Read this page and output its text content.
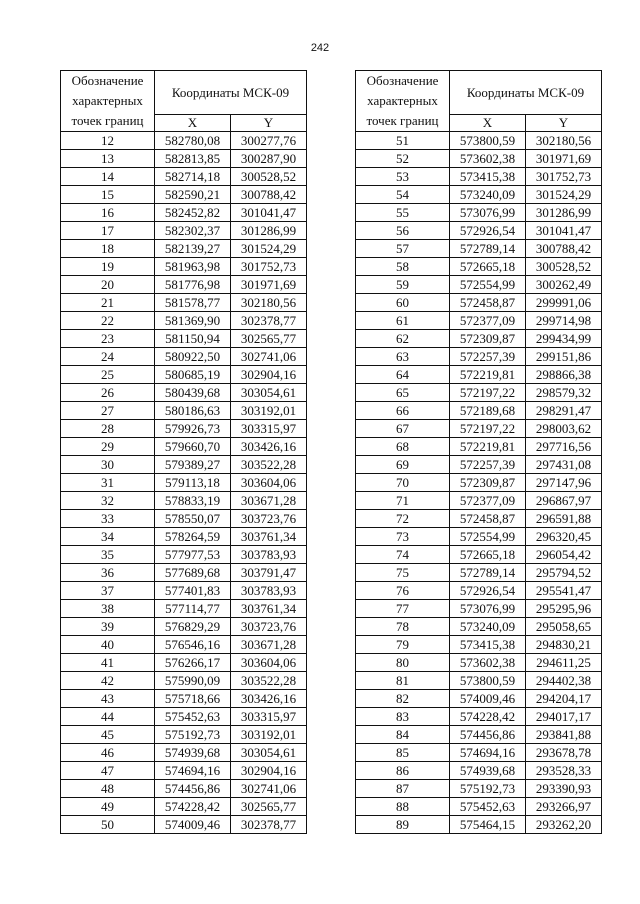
242
Обозначение характерных точек границ	Координаты МСК-09	
	X	Y
12	582780,08	300277,76
13	582813,85	300287,90
14	582714,18	300528,52
15	582590,21	300788,42
16	582452,82	301041,47
17	582302,37	301286,99
18	582139,27	301524,29
19	581963,98	301752,73
20	581776,98	301971,69
21	581578,77	302180,56
22	581369,90	302378,77
23	581150,94	302565,77
24	580922,50	302741,06
25	580685,19	302904,16
26	580439,68	303054,61
27	580186,63	303192,01
28	579926,73	303315,97
29	579660,70	303426,16
30	579389,27	303522,28
31	579113,18	303604,06
32	578833,19	303671,28
33	578550,07	303723,76
34	578264,59	303761,34
35	577977,53	303783,93
36	577689,68	303791,47
37	577401,83	303783,93
38	577114,77	303761,34
39	576829,29	303723,76
40	576546,16	303671,28
41	576266,17	303604,06
42	575990,09	303522,28
43	575718,66	303426,16
44	575452,63	303315,97
45	575192,73	303192,01
46	574939,68	303054,61
47	574694,16	302904,16
48	574456,86	302741,06
49	574228,42	302565,77
50	574009,46	302378,77
Обозначение характерных точек границ	Координаты МСК-09	
	X	Y
51	573800,59	302180,56
52	573602,38	301971,69
53	573415,38	301752,73
54	573240,09	301524,29
55	573076,99	301286,99
56	572926,54	301041,47
57	572789,14	300788,42
58	572665,18	300528,52
59	572554,99	300262,49
60	572458,87	299991,06
61	572377,09	299714,98
62	572309,87	299434,99
63	572257,39	299151,86
64	572219,81	298866,38
65	572197,22	298579,32
66	572189,68	298291,47
67	572197,22	298003,62
68	572219,81	297716,56
69	572257,39	297431,08
70	572309,87	297147,96
71	572377,09	296867,97
72	572458,87	296591,88
73	572554,99	296320,45
74	572665,18	296054,42
75	572789,14	295794,52
76	572926,54	295541,47
77	573076,99	295295,96
78	573240,09	295058,65
79	573415,38	294830,21
80	573602,38	294611,25
81	573800,59	294402,38
82	574009,46	294204,17
83	574228,42	294017,17
84	574456,86	293841,88
85	574694,16	293678,78
86	574939,68	293528,33
87	575192,73	293390,93
88	575452,63	293266,97
89	575464,15	293262,20
